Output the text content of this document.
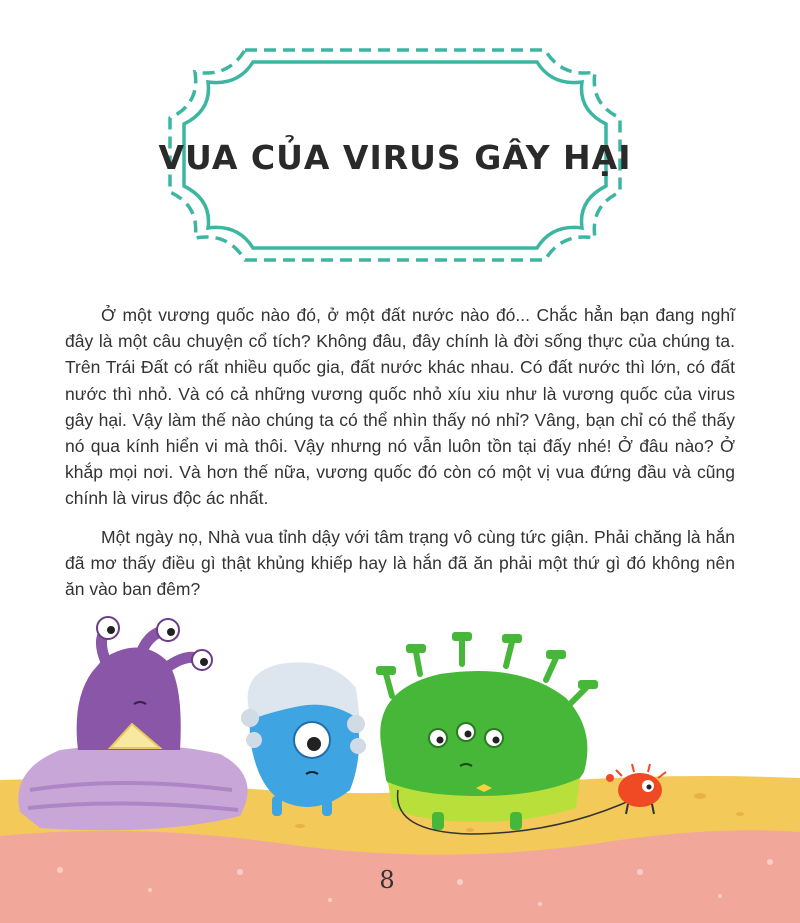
VUA CỦA VIRUS GÂY HẠI

Ở một vương quốc nào đó, ở một đất nước nào đó... Chắc hẳn bạn đang nghĩ đây là một câu chuyện cổ tích? Không đâu, đây chính là đời sống thực của chúng ta. Trên Trái Đất có rất nhiều quốc gia, đất nước khác nhau. Có đất nước thì lớn, có đất nước thì nhỏ. Và có cả những vương quốc nhỏ xíu xiu như là vương quốc của virus gây hại. Vậy làm thế nào chúng ta có thể nhìn thấy nó nhỉ? Vâng, bạn chỉ có thể thấy nó qua kính hiển vi mà thôi. Vậy nhưng nó vẫn luôn tồn tại đấy nhé! Ở đâu nào? Ở khắp mọi nơi. Và hơn thế nữa, vương quốc đó còn có một vị vua đứng đầu và cũng chính là virus độc ác nhất.

Một ngày nọ, Nhà vua tỉnh dậy với tâm trạng vô cùng tức giận. Phải chăng là hắn đã mơ thấy điều gì thật khủng khiếp hay là hắn đã ăn phải một thứ gì đó không nên ăn vào ban đêm?

8
